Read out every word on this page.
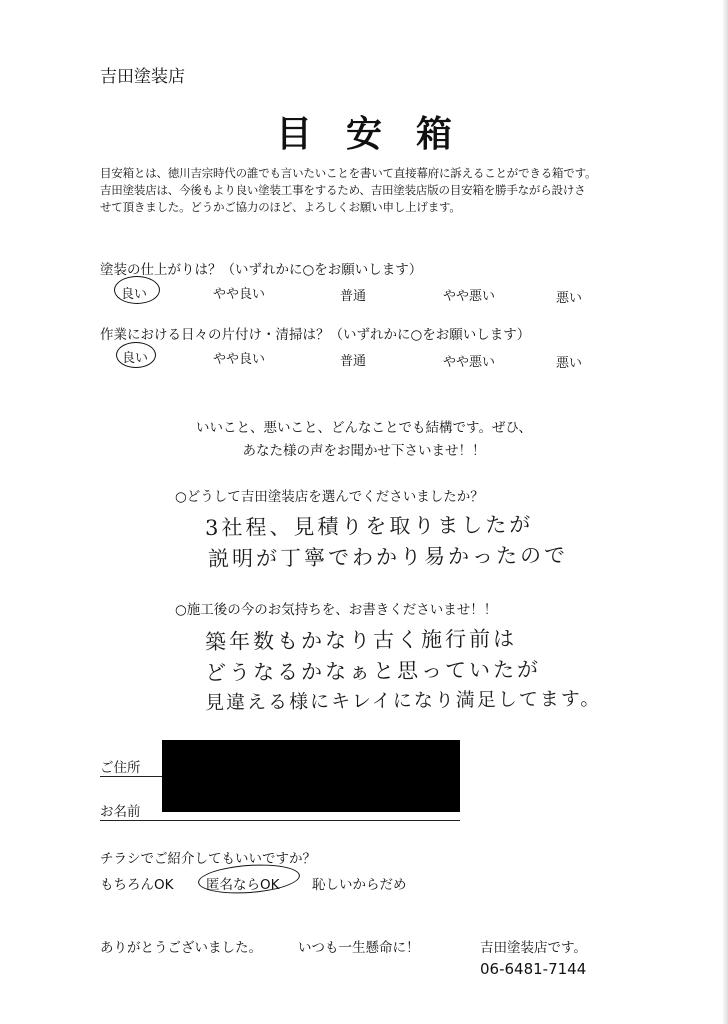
吉田塗装店
目安箱
目安箱とは、徳川吉宗時代の誰でも言いたいことを書いて直接幕府に訴えることができる箱です。
吉田塗装店は、今後もより良い塗装工事をするため、吉田塗装店版の目安箱を勝手ながら設けさ
せて頂きました。どうかご協力のほど、よろしくお願い申し上げます。
塗装の仕上がりは？（いずれかに○をお願いします）
良い	やや良い	普通	やや悪い	悪い
作業における日々の片付け・清掃は？（いずれかに○をお願いします）
良い	やや良い	普通	やや悪い	悪い
いいこと、悪いこと、どんなことでも結構です。ぜひ、
あなた様の声をお聞かせ下さいませ！！
○どうして吉田塗装店を選んでくださいましたか？
3社程、見積りを取りましたが
説明が丁寧でわかり易かったので
○施工後の今のお気持ちを、お書きくださいませ！！
築年数もかなり古く施行前は
どうなるかなぁと思っていたが
見違える様にキレイになり満足してます。
ご住所
お名前
チラシでご紹介してもいいですか？
もちろんOK 匿名ならOK 恥しいからだめ
ありがとうございました。	いつも一生懸命に！	吉田塗装店です。
06-6481-7144
